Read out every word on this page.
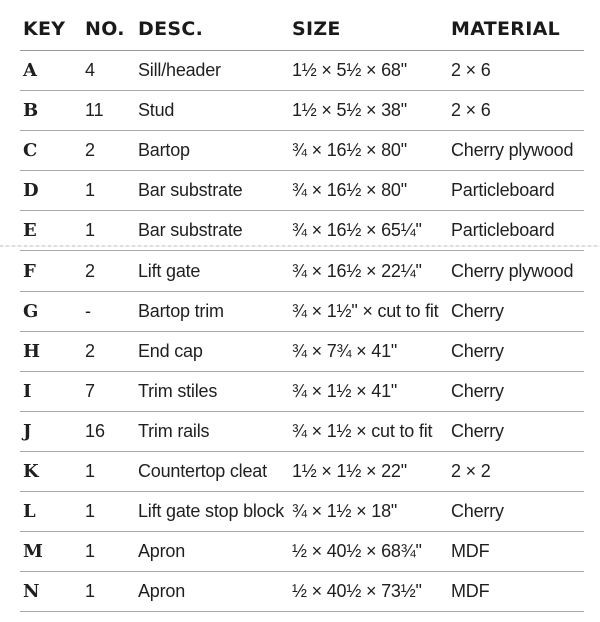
KEY	NO.	DESC.	SIZE	MATERIAL
A	4	Sill/header	1½ × 5½ × 68"	2 × 6
B	11	Stud	1½ × 5½ × 38"	2 × 6
C	2	Bartop	¾ × 16½ × 80"	Cherry plywood
D	1	Bar substrate	¾ × 16½ × 80"	Particleboard
E	1	Bar substrate	¾ × 16½ × 65¼"	Particleboard
F	2	Lift gate	¾ × 16½ × 22¼"	Cherry plywood
G	-	Bartop trim	¾ × 1½" × cut to fit	Cherry
H	2	End cap	¾ × 7¾ × 41"	Cherry
I	7	Trim stiles	¾ × 1½ × 41"	Cherry
J	16	Trim rails	¾ × 1½ × cut to fit	Cherry
K	1	Countertop cleat	1½ × 1½ × 22"	2 × 2
L	1	Lift gate stop block	¾ × 1½ × 18"	Cherry
M	1	Apron	½ × 40½ × 68¾"	MDF
N	1	Apron	½ × 40½ × 73½"	MDF
